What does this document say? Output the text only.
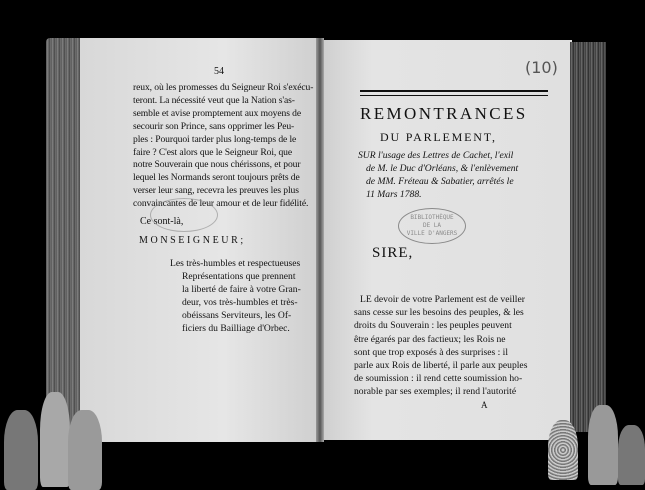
54
reux, où les promesses du Seigneur Roi s'exécu-
teront. La nécessité veut que la Nation s'as-
semble et avise promptement aux moyens de
secourir son Prince, sans opprimer les Peu-
ples : Pourquoi tarder plus long-temps de le
faire ? C'est alors que le Seigneur Roi, que
notre Souverain que nous chérissons, et pour
lequel les Normands seront toujours prêts de
verser leur sang, recevra les preuves les plus
convaincantes de leur amour et de leur fidélité.
Ce sont-là,
MONSEIGNEUR;
Les très-humbles et respectueuses
Représentations que prennent
la liberté de faire à votre Gran-
deur, vos très-humbles et très-
obéissans Serviteurs, les Of-
ficiers du Bailliage d'Orbec.
(10)
REMONTRANCES
DU PARLEMENT,
SUR l'usage des Lettres de Cachet, l'exil
de M. le Duc d'Orléans, & l'enlèvement
de MM. Fréteau & Sabatier, arrêtés le
11 Mars 1788.
BIBLIOTHÈQUE
DE LA
VILLE D'ANGERS
SIRE,
LE devoir de votre Parlement est de veiller
sans cesse sur les besoins des peuples, & les
droits du Souverain : les peuples peuvent
être égarés par des factieux; les Rois ne
sont que trop exposés à des surprises : il
parle aux Rois de liberté, il parle aux peuples
de soumission : il rend cette soumission ho-
norable par ses exemples; il rend l'autorité
A
